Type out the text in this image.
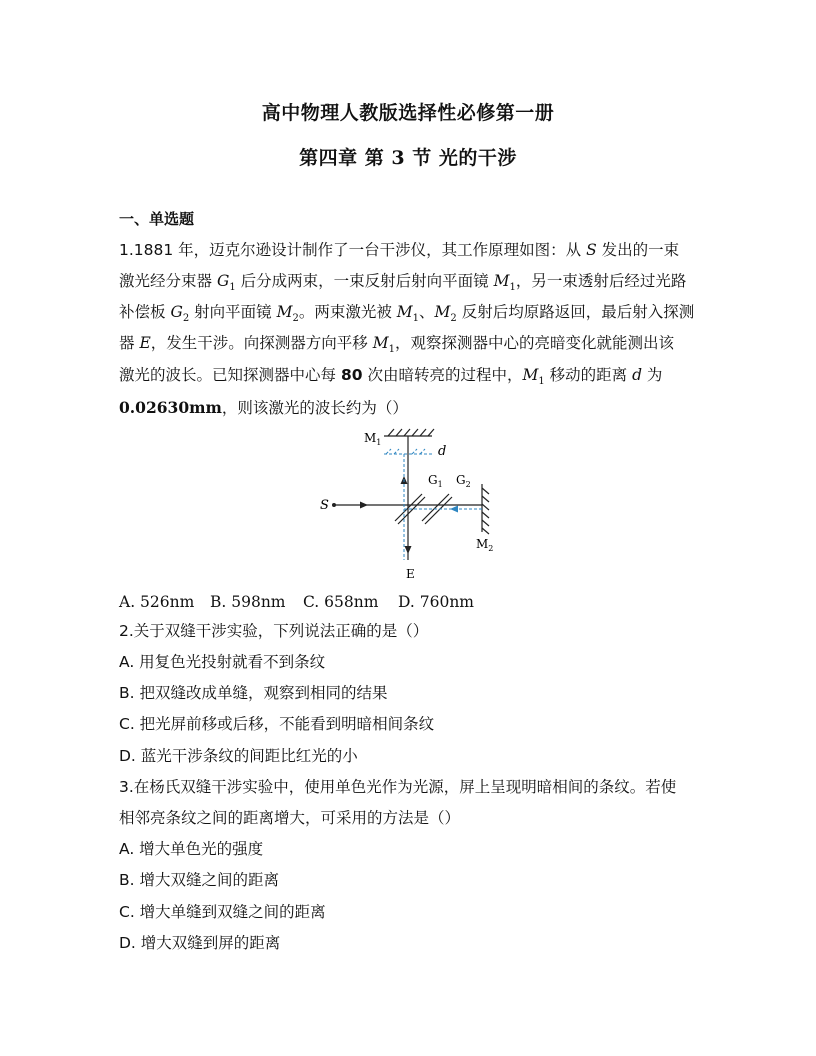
高中物理人教版选择性必修第一册
第四章 第 3 节 光的干涉
一、单选题
1.1881 年，迈克尔逊设计制作了一台干涉仪，其工作原理如图：从 S 发出的一束
激光经分束器 $G_1$ 后分成两束，一束反射后射向平面镜 $M_1$，另一束透射后经过光路
补偿板 $G_2$ 射向平面镜 $M_2$。两束激光被 $M_1$、$M_2$ 反射后均原路返回，最后射入探测
器 E，发生干涉。向探测器方向平移 $M_1$，观察探测器中心的亮暗变化就能测出该
激光的波长。已知探测器中心每 80 次由暗转亮的过程中，$M_1$ 移动的距离 d 为
0.02630mm，则该激光的波长约为（）
$M_1$
d
$G_1$ $G_2$
S
$M_2$
E
A. 526nm B. 598nm C. 658nm D. 760nm
2.关于双缝干涉实验，下列说法正确的是（）
A. 用复色光投射就看不到条纹
B. 把双缝改成单缝，观察到相同的结果
C. 把光屏前移或后移，不能看到明暗相间条纹
D. 蓝光干涉条纹的间距比红光的小
3.在杨氏双缝干涉实验中，使用单色光作为光源，屏上呈现明暗相间的条纹。若使
相邻亮条纹之间的距离增大，可采用的方法是（）
A. 增大单色光的强度
B. 增大双缝之间的距离
C. 增大单缝到双缝之间的距离
D. 增大双缝到屏的距离
